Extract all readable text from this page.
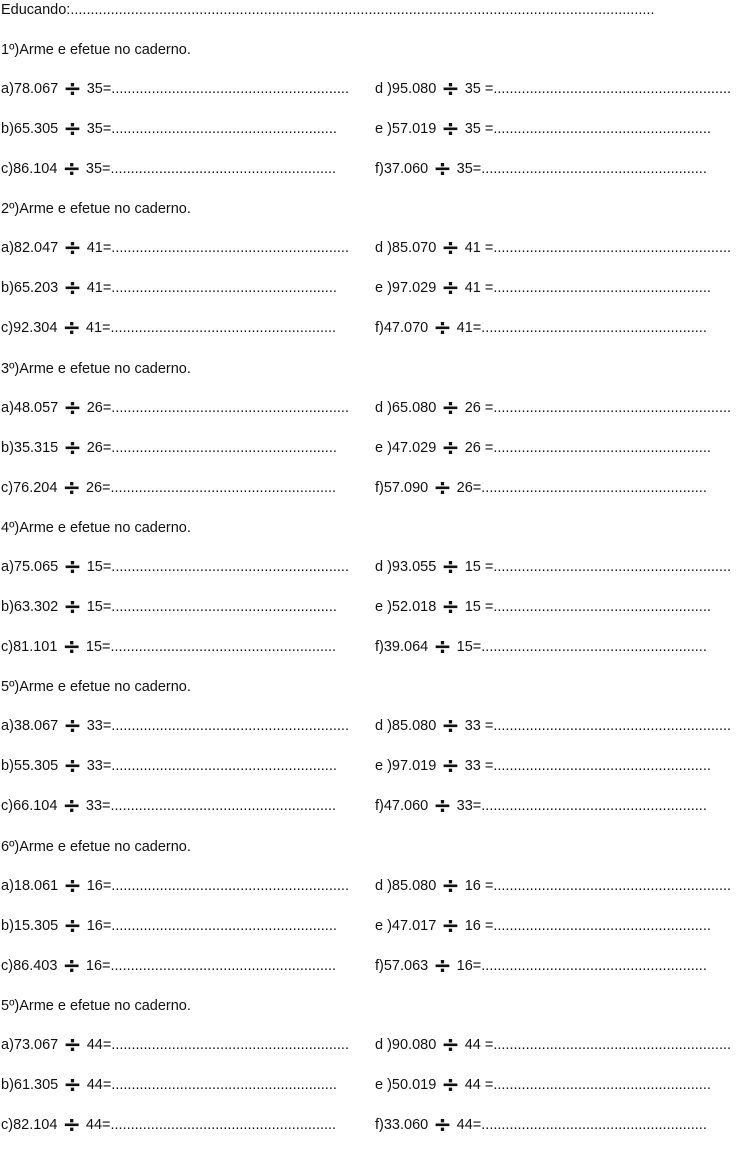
Educando:.................................................................................................................................................
1º)Arme e efetue no caderno.
a)78.067 ÷ 35= ........................................................... d )95.080 ÷ 35 = ...........................................................
b)65.305 ÷ 35= ........................................................	e )57.019 ÷ 35 = ......................................................
c)86.104 ÷ 35= ........................................................	f)37.060 ÷ 35= ........................................................
2º)Arme e efetue no caderno.
a)82.047 ÷ 41= ........................................................... d )85.070 ÷ 41 = ...........................................................
b)65.203 ÷ 41= ........................................................	e )97.029 ÷ 41 = ......................................................
c)92.304 ÷ 41= ........................................................	f)47.070 ÷ 41= ........................................................
3º)Arme e efetue no caderno.
a)48.057 ÷ 26= ........................................................... d )65.080 ÷ 26 = ...........................................................
b)35.315 ÷ 26= ........................................................	e )47.029 ÷ 26 = ......................................................
c)76.204 ÷ 26= ........................................................	f)57.090 ÷ 26= ........................................................
4º)Arme e efetue no caderno.
a)75.065 ÷ 15= ........................................................... d )93.055 ÷ 15 = ...........................................................
b)63.302 ÷ 15= ........................................................	e )52.018 ÷ 15 = ......................................................
c)81.101 ÷ 15= ........................................................	f)39.064 ÷ 15= ........................................................
5º)Arme e efetue no caderno.
a)38.067 ÷ 33= ........................................................... d )85.080 ÷ 33 = ...........................................................
b)55.305 ÷ 33= ........................................................	e )97.019 ÷ 33 = ......................................................
c)66.104 ÷ 33= ........................................................	f)47.060 ÷ 33= ........................................................
6º)Arme e efetue no caderno.
a)18.061 ÷ 16= ........................................................... d )85.080 ÷ 16 = ...........................................................
b)15.305 ÷ 16= ........................................................	e )47.017 ÷ 16 = ......................................................
c)86.403 ÷ 16= ........................................................	f)57.063 ÷ 16= ........................................................
5º)Arme e efetue no caderno.
a)73.067 ÷ 44= ........................................................... d )90.080 ÷ 44 = ...........................................................
b)61.305 ÷ 44= ........................................................	e )50.019 ÷ 44 = ......................................................
c)82.104 ÷ 44= ........................................................	f)33.060 ÷ 44= ........................................................
